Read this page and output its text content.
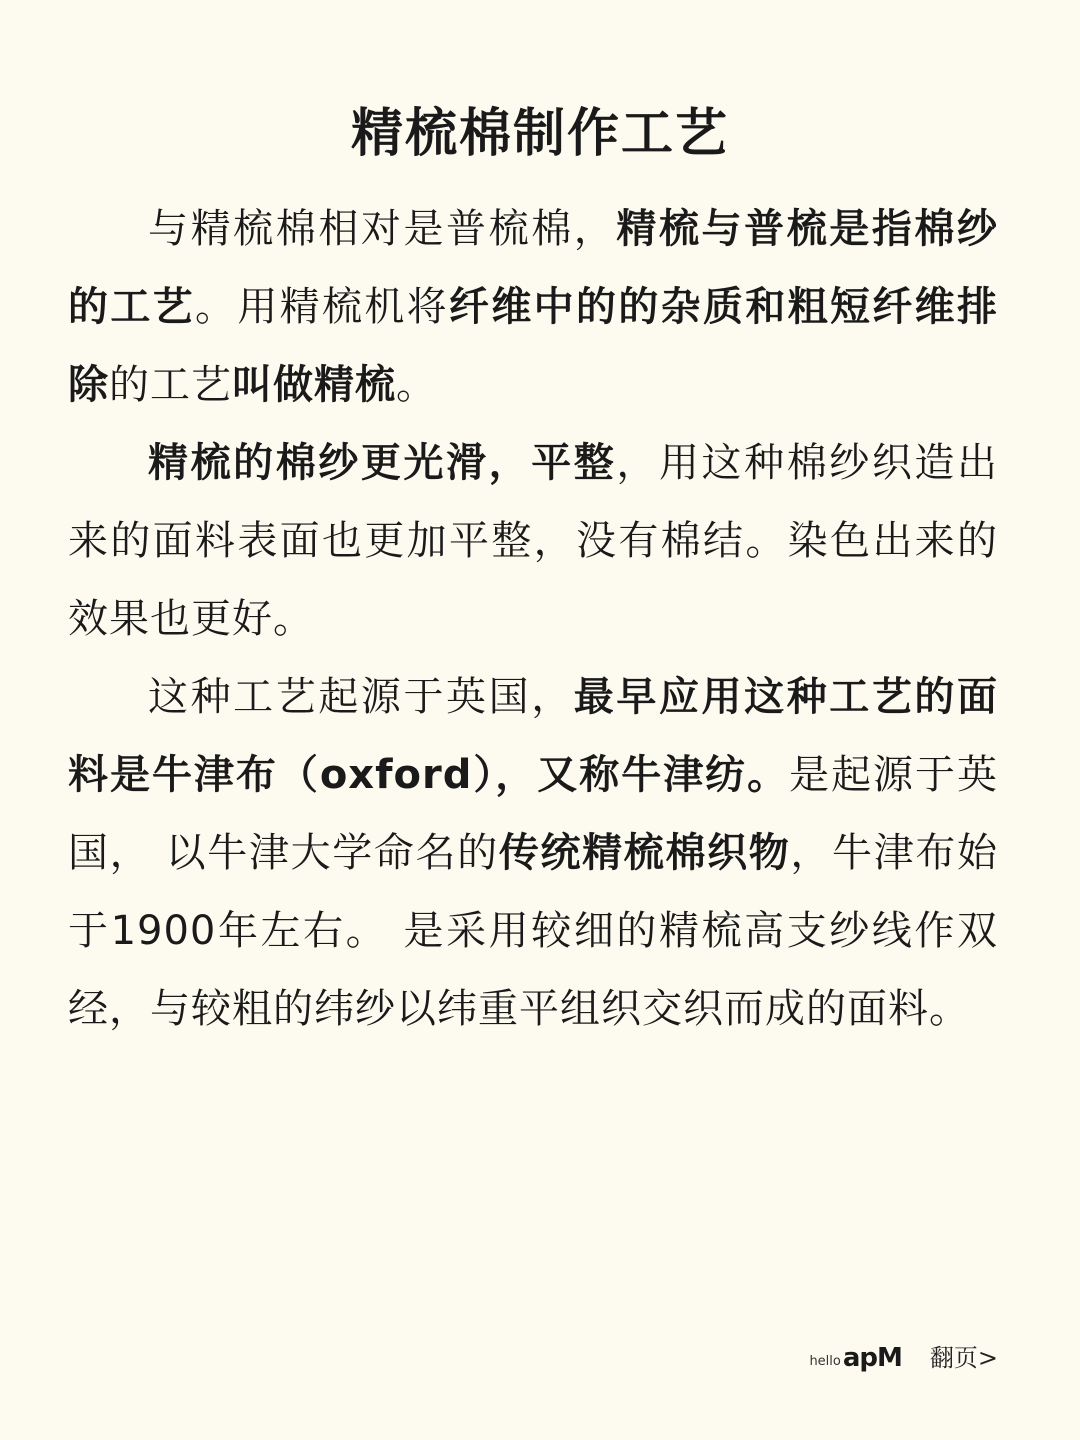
精梳棉制作工艺

与精梳棉相对是普梳棉，精梳与普梳是指棉纱的工艺。用精梳机将纤维中的的杂质和粗短纤维排除的工艺叫做精梳。

精梳的棉纱更光滑，平整，用这种棉纱织造出来的面料表面也更加平整，没有棉结。染色出来的效果也更好。

这种工艺起源于英国，最早应用这种工艺的面料是牛津布（oxford），又称牛津纺。是起源于英国， 以牛津大学命名的传统精梳棉织物，牛津布始于1900年左右。 是采用较细的精梳高支纱线作双经，与较粗的纬纱以纬重平组织交织而成的面料。

hello apM 翻页>
